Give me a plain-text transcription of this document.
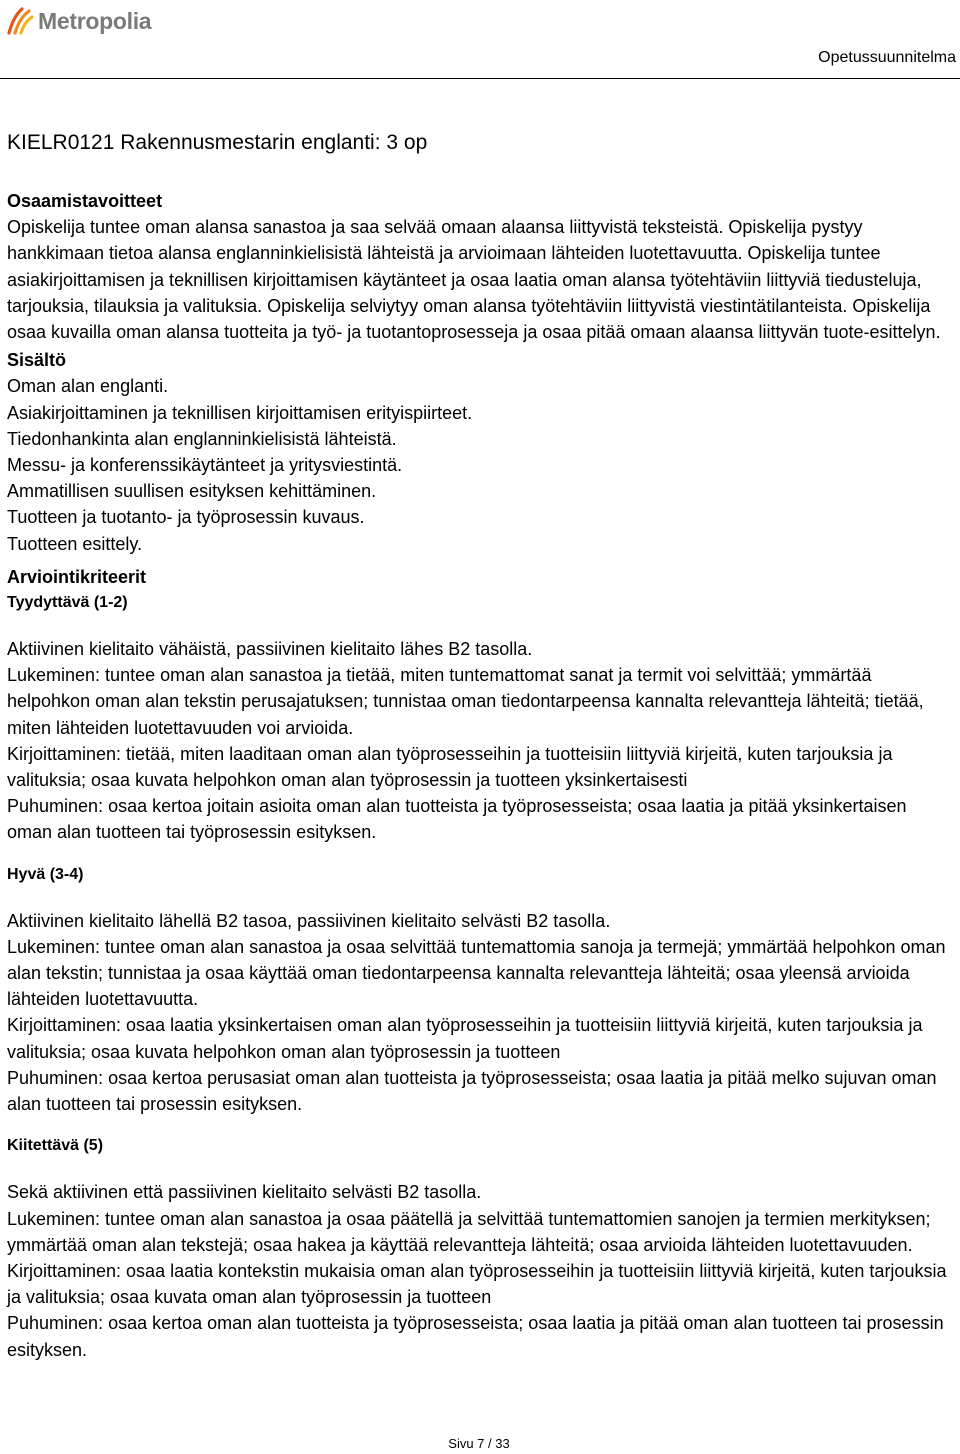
Metropolia
Opetussuunnitelma
KIELR0121 Rakennusmestarin englanti: 3 op
Osaamistavoitteet

Opiskelija tuntee oman alansa sanastoa ja saa selvää omaan alaansa liittyvistä teksteistä. Opiskelija pystyy hankkimaan tietoa alansa englanninkielisistä lähteistä ja arvioimaan lähteiden luotettavuutta. Opiskelija tuntee asiakirjoittamisen ja teknillisen kirjoittamisen käytänteet ja osaa laatia oman alansa työtehtäviin liittyviä tiedusteluja, tarjouksia, tilauksia ja valituksia. Opiskelija selviytyy oman alansa työtehtäviin liittyvistä viestintätilanteista. Opiskelija osaa kuvailla oman alansa tuotteita ja työ- ja tuotantoprosesseja ja osaa pitää omaan alaansa liittyvän tuote-esittelyn.

Sisältö

Oman alan englanti.

Asiakirjoittaminen ja teknillisen kirjoittamisen erityispiirteet.

Tiedonhankinta alan englanninkielisistä lähteistä.

Messu- ja konferenssikäytänteet ja yritysviestintä.

Ammatillisen suullisen esityksen kehittäminen.

Tuotteen ja tuotanto- ja työprosessin kuvaus.

Tuotteen esittely.

Arviointikriteerit
Tyydyttävä (1-2)

Aktiivinen kielitaito vähäistä, passiivinen kielitaito lähes B2 tasolla.

Lukeminen: tuntee oman alan sanastoa ja tietää, miten tuntemattomat sanat ja termit voi selvittää; ymmärtää helpohkon oman alan tekstin perusajatuksen; tunnistaa oman tiedontarpeensa kannalta relevantteja lähteitä; tietää, miten lähteiden luotettavuuden voi arvioida.

Kirjoittaminen: tietää, miten laaditaan oman alan työprosesseihin ja tuotteisiin liittyviä kirjeitä, kuten tarjouksia ja valituksia; osaa kuvata helpohkon oman alan työprosessin ja tuotteen yksinkertaisesti

Puhuminen: osaa kertoa joitain asioita oman alan tuotteista ja työprosesseista; osaa laatia ja pitää yksinkertaisen oman alan tuotteen tai työprosessin esityksen.

Hyvä (3-4)

Aktiivinen kielitaito lähellä B2 tasoa, passiivinen kielitaito selvästi B2 tasolla.

Lukeminen: tuntee oman alan sanastoa ja osaa selvittää tuntemattomia sanoja ja termejä; ymmärtää helpohkon oman alan tekstin; tunnistaa ja osaa käyttää oman tiedontarpeensa kannalta relevantteja lähteitä; osaa yleensä arvioida lähteiden luotettavuutta.

Kirjoittaminen: osaa laatia yksinkertaisen oman alan työprosesseihin ja tuotteisiin liittyviä kirjeitä, kuten tarjouksia ja valituksia; osaa kuvata helpohkon oman alan työprosessin ja tuotteen

Puhuminen: osaa kertoa perusasiat oman alan tuotteista ja työprosesseista; osaa laatia ja pitää melko sujuvan oman alan tuotteen tai prosessin esityksen.

Kiitettävä (5)

Sekä aktiivinen että passiivinen kielitaito selvästi B2 tasolla.

Lukeminen: tuntee oman alan sanastoa ja osaa päätellä ja selvittää tuntemattomien sanojen ja termien merkityksen; ymmärtää oman alan tekstejä; osaa hakea ja käyttää relevantteja lähteitä; osaa arvioida lähteiden luotettavuuden.

Kirjoittaminen: osaa laatia kontekstin mukaisia oman alan työprosesseihin ja tuotteisiin liittyviä kirjeitä, kuten tarjouksia ja valituksia; osaa kuvata oman alan työprosessin ja tuotteen

Puhuminen: osaa kertoa oman alan tuotteista ja työprosesseista; osaa laatia ja pitää oman alan tuotteen tai prosessin esityksen.

Sivu 7 / 33
